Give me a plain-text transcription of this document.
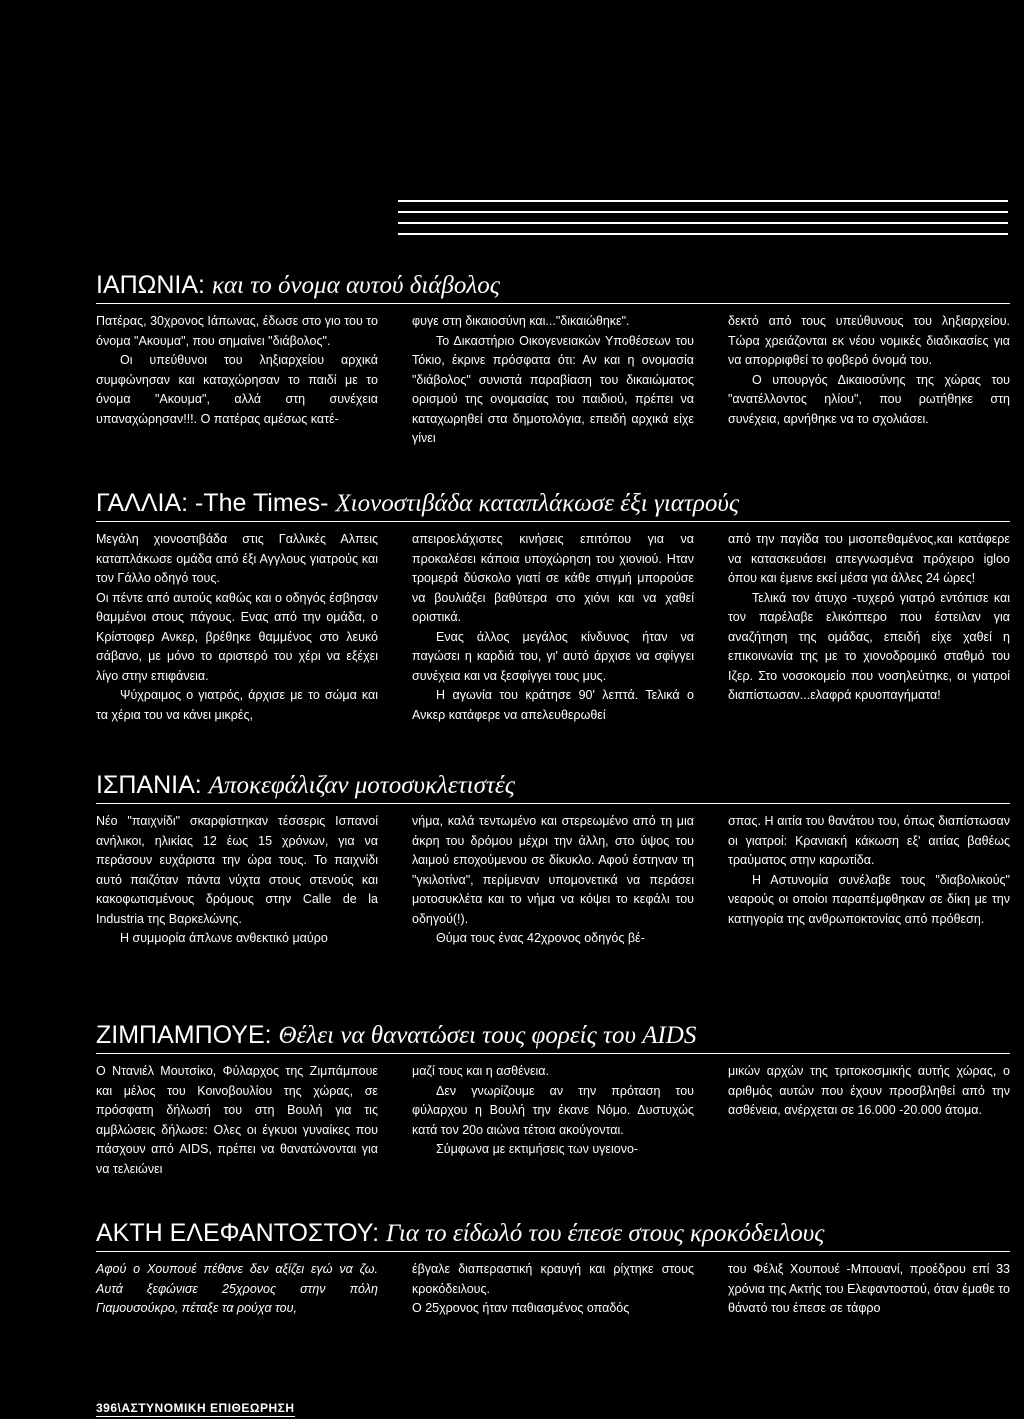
ΙΑΠΩΝΙΑ: και το όνομα αυτού διάβολος

Πατέρας, 30χρονος Ιάπωνας, έδωσε στο γιο του το όνομα "Ακουμα", που σημαίνει "διάβολος".

Οι υπεύθυνοι του ληξιαρχείου αρχικά συμφώνησαν και καταχώρησαν το παιδί με το όνομα "Ακουμα", αλλά στη συνέχεια υπαναχώρησαν!!!. Ο πατέρας αμέσως κατέ-

φυγε στη δικαιοσύνη και..."δικαιώθηκε".

Το Δικαστήριο Οικογενειακών Υποθέσεων του Τόκιο, έκρινε πρόσφατα ότι: Αν και η ονομασία "διάβολος" συνιστά παραβίαση του δικαιώματος ορισμού της ονομασίας του παιδιού, πρέπει να καταχωρηθεί στα δημοτολόγια, επειδή αρχικά είχε γίνει

δεκτό από τους υπεύθυνους του ληξιαρχείου. Τώρα χρειάζονται εκ νέου νομικές διαδικασίες για να απορριφθεί το φοβερό όνομά του.

Ο υπουργός Δικαιοσύνης της χώρας του "ανατέλλοντος ηλίου", που ρωτήθηκε στη συνέχεια, αρνήθηκε να το σχολιάσει.

ΓΑΛΛΙΑ: -The Times- Χιονοστιβάδα καταπλάκωσε έξι γιατρούς

Μεγάλη χιονοστιβάδα στις Γαλλικές Αλπεις καταπλάκωσε ομάδα από έξι Αγγλους γιατρούς και τον Γάλλο οδηγό τους.

Οι πέντε από αυτούς καθώς και ο οδηγός έσβησαν θαμμένοι στους πάγους. Ενας από την ομάδα, ο Κρίστοφερ Ανκερ, βρέθηκε θαμμένος στο λευκό σάβανο, με μόνο το αριστερό του χέρι να εξέχει λίγο στην επιφάνεια.

Ψύχραιμος ο γιατρός, άρχισε με το σώμα και τα χέρια του να κάνει μικρές,

απειροελάχιστες κινήσεις επιτόπου για να προκαλέσει κάποια υποχώρηση του χιονιού. Ηταν τρομερά δύσκολο γιατί σε κάθε στιγμή μπορούσε να βουλιάξει βαθύτερα στο χιόνι και να χαθεί οριστικά.

Ενας άλλος μεγάλος κίνδυνος ήταν να παγώσει η καρδιά του, γι' αυτό άρχισε να σφίγγει συνέχεια και να ξεσφίγγει τους μυς.

Η αγωνία του κράτησε 90' λεπτά. Τελικά ο Ανκερ κατάφερε να απελευθερωθεί

από την παγίδα του μισοπεθαμένος,και κατάφερε να κατασκευάσει απεγνωσμένα πρόχειρο igloo όπου και έμεινε εκεί μέσα για άλλες 24 ώρες!

Τελικά τον άτυχο -τυχερό γιατρό εντόπισε και τον παρέλαβε ελικόπτερο που έστειλαν για αναζήτηση της ομάδας, επειδή είχε χαθεί η επικοινωνία της με το χιονοδρομικό σταθμό του Ιζερ. Στο νοσοκομείο που νοσηλεύτηκε, οι γιατροί διαπίστωσαν...ελαφρά κρυοπαγήματα!

ΙΣΠΑΝΙΑ: Αποκεφάλιζαν μοτοσυκλετιστές

Νέο "παιχνίδι" σκαρφίστηκαν τέσσερις Ισπανοί ανήλικοι, ηλικίας 12 έως 15 χρόνων, για να περάσουν ευχάριστα την ώρα τους. Το παιχνίδι αυτό παιζόταν πάντα νύχτα στους στενούς και κακοφωτισμένους δρόμους στην Calle de la Industria της Βαρκελώνης.

Η συμμορία άπλωνε ανθεκτικό μαύρο

νήμα, καλά τεντωμένο και στερεωμένο από τη μια άκρη του δρόμου μέχρι την άλλη, στο ύψος του λαιμού εποχούμενου σε δίκυκλο. Αφού έστηναν τη "γκιλοτίνα", περίμεναν υπομονετικά να περάσει μοτοσυκλέτα και το νήμα να κόψει το κεφάλι του οδηγού(!).

Θύμα τους ένας 42χρονος οδηγός βέ-

σπας. Η αιτία του θανάτου του, όπως διαπίστωσαν οι γιατροί: Κρανιακή κάκωση εξ' αιτίας βαθέως τραύματος στην καρωτίδα.

Η Αστυνομία συνέλαβε τους "διαβολικούς" νεαρούς οι οποίοι παραπέμφθηκαν σε δίκη με την κατηγορία της ανθρωποκτονίας από πρόθεση.

ΖΙΜΠΑΜΠΟΥΕ: Θέλει να θανατώσει τους φορείς του AIDS

Ο Ντανιέλ Μουτσίκο, Φύλαρχος της Ζιμπάμπουε και μέλος του Κοινοβουλίου της χώρας, σε πρόσφατη δήλωσή του στη Βουλή για τις αμβλώσεις δήλωσε: Ολες οι έγκυοι γυναίκες που πάσχουν από AIDS, πρέπει να θανατώνονται για να τελειώνει

μαζί τους και η ασθένεια.

Δεν γνωρίζουμε αν την πρόταση του φύλαρχου η Βουλή την έκανε Νόμο. Δυστυχώς κατά τον 20ο αιώνα τέτοια ακούγονται.

Σύμφωνα με εκτιμήσεις των υγειονο-

μικών αρχών της τριτοκοσμικής αυτής χώρας, ο αριθμός αυτών που έχουν προσβληθεί από την ασθένεια, ανέρχεται σε 16.000 -20.000 άτομα.

ΑΚΤΗ ΕΛΕΦΑΝΤΟΣΤΟΥ: Για το είδωλό του έπεσε στους κροκόδειλους

Αφού ο Χουπουέ πέθανε δεν αξίζει εγώ να ζω. Αυτά ξεφώνισε 25χρονος στην πόλη Γιαμουσούκρο, πέταξε τα ρούχα του,

έβγαλε διαπεραστική κραυγή και ρίχτηκε στους κροκόδειλους.

Ο 25χρονος ήταν παθιασμένος οπαδός

του Φέλιξ Χουπουέ -Μπουανί, προέδρου επί 33 χρόνια της Ακτής του Ελεφαντοστού, όταν έμαθε το θάνατό του έπεσε σε τάφρο

396\ΑΣΤΥΝΟΜΙΚΗ ΕΠΙΘΕΩΡΗΣΗ
